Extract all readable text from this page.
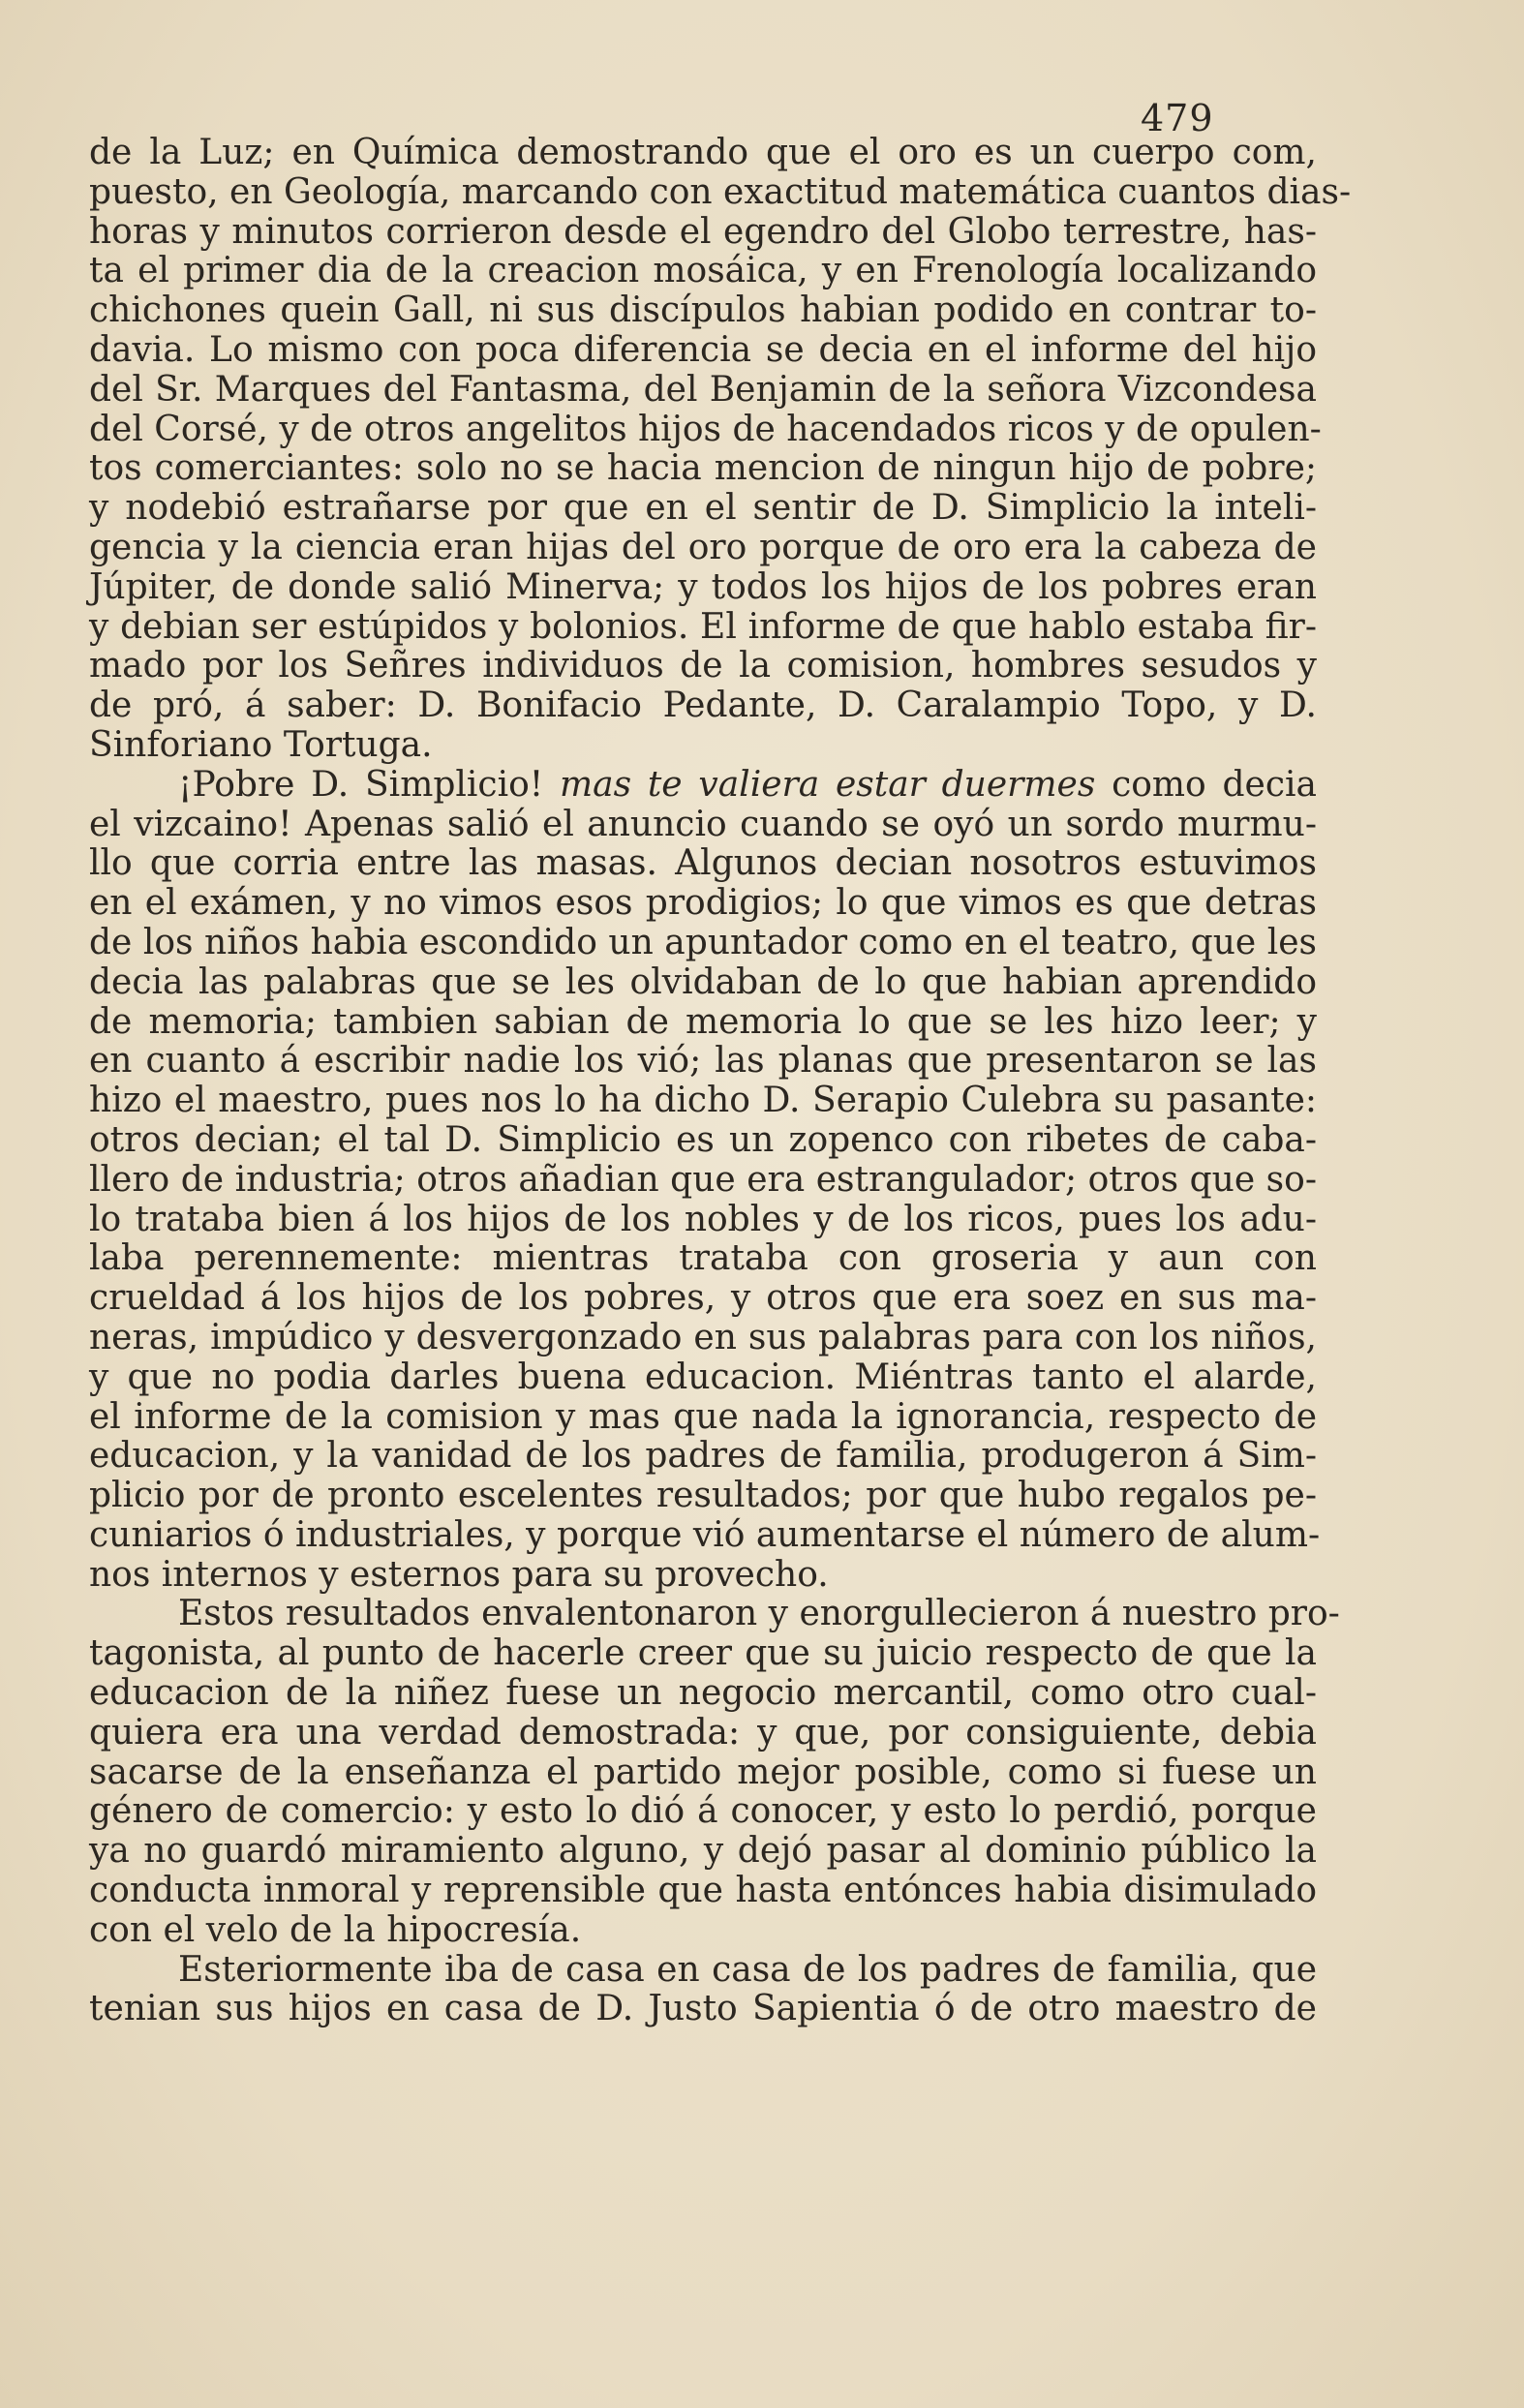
479
de la Luz; en Química demostrando que el oro es un cuerpo com,
puesto, en Geología, marcando con exactitud matemática cuantos dias-
horas y minutos corrieron desde el egendro del Globo terrestre, has-
ta el primer dia de la creacion mosáica, y en Frenología localizando
chichones quein Gall, ni sus discípulos habian podido en contrar to-
davia. Lo mismo con poca diferencia se decia en el informe del hijo
del Sr. Marques del Fantasma, del Benjamin de la señora Vizcondesa
del Corsé, y de otros angelitos hijos de hacendados ricos y de opulen-
tos comerciantes: solo no se hacia mencion de ningun hijo de pobre;
y nodebió estrañarse por que en el sentir de D. Simplicio la inteli-
gencia y la ciencia eran hijas del oro porque de oro era la cabeza de
Júpiter, de donde salió Minerva; y todos los hijos de los pobres eran
y debian ser estúpidos y bolonios. El informe de que hablo estaba fir-
mado por los Señres individuos de la comision, hombres sesudos y
de pró, á saber: D. Bonifacio Pedante, D. Caralampio Topo, y D.
Sinforiano Tortuga.
¡Pobre D. Simplicio! mas te valiera estar duermes como decia
el vizcaino! Apenas salió el anuncio cuando se oyó un sordo murmu-
llo que corria entre las masas. Algunos decian nosotros estuvimos
en el exámen, y no vimos esos prodigios; lo que vimos es que detras
de los niños habia escondido un apuntador como en el teatro, que les
decia las palabras que se les olvidaban de lo que habian aprendido
de memoria; tambien sabian de memoria lo que se les hizo leer; y
en cuanto á escribir nadie los vió; las planas que presentaron se las
hizo el maestro, pues nos lo ha dicho D. Serapio Culebra su pasante:
otros decian; el tal D. Simplicio es un zopenco con ribetes de caba-
llero de industria; otros añadian que era estrangulador; otros que so-
lo trataba bien á los hijos de los nobles y de los ricos, pues los adu-
laba perennemente: mientras trataba con groseria y aun con
crueldad á los hijos de los pobres, y otros que era soez en sus ma-
neras, impúdico y desvergonzado en sus palabras para con los niños,
y que no podia darles buena educacion. Miéntras tanto el alarde,
el informe de la comision y mas que nada la ignorancia, respecto de
educacion, y la vanidad de los padres de familia, produgeron á Sim-
plicio por de pronto escelentes resultados; por que hubo regalos pe-
cuniarios ó industriales, y porque vió aumentarse el número de alum-
nos internos y esternos para su provecho.
Estos resultados envalentonaron y enorgullecieron á nuestro pro-
tagonista, al punto de hacerle creer que su juicio respecto de que la
educacion de la niñez fuese un negocio mercantil, como otro cual-
quiera era una verdad demostrada: y que, por consiguiente, debia
sacarse de la enseñanza el partido mejor posible, como si fuese un
género de comercio: y esto lo dió á conocer, y esto lo perdió, porque
ya no guardó miramiento alguno, y dejó pasar al dominio público la
conducta inmoral y reprensible que hasta entónces habia disimulado
con el velo de la hipocresía.
Esteriormente iba de casa en casa de los padres de familia, que
tenian sus hijos en casa de D. Justo Sapientia ó de otro maestro de
